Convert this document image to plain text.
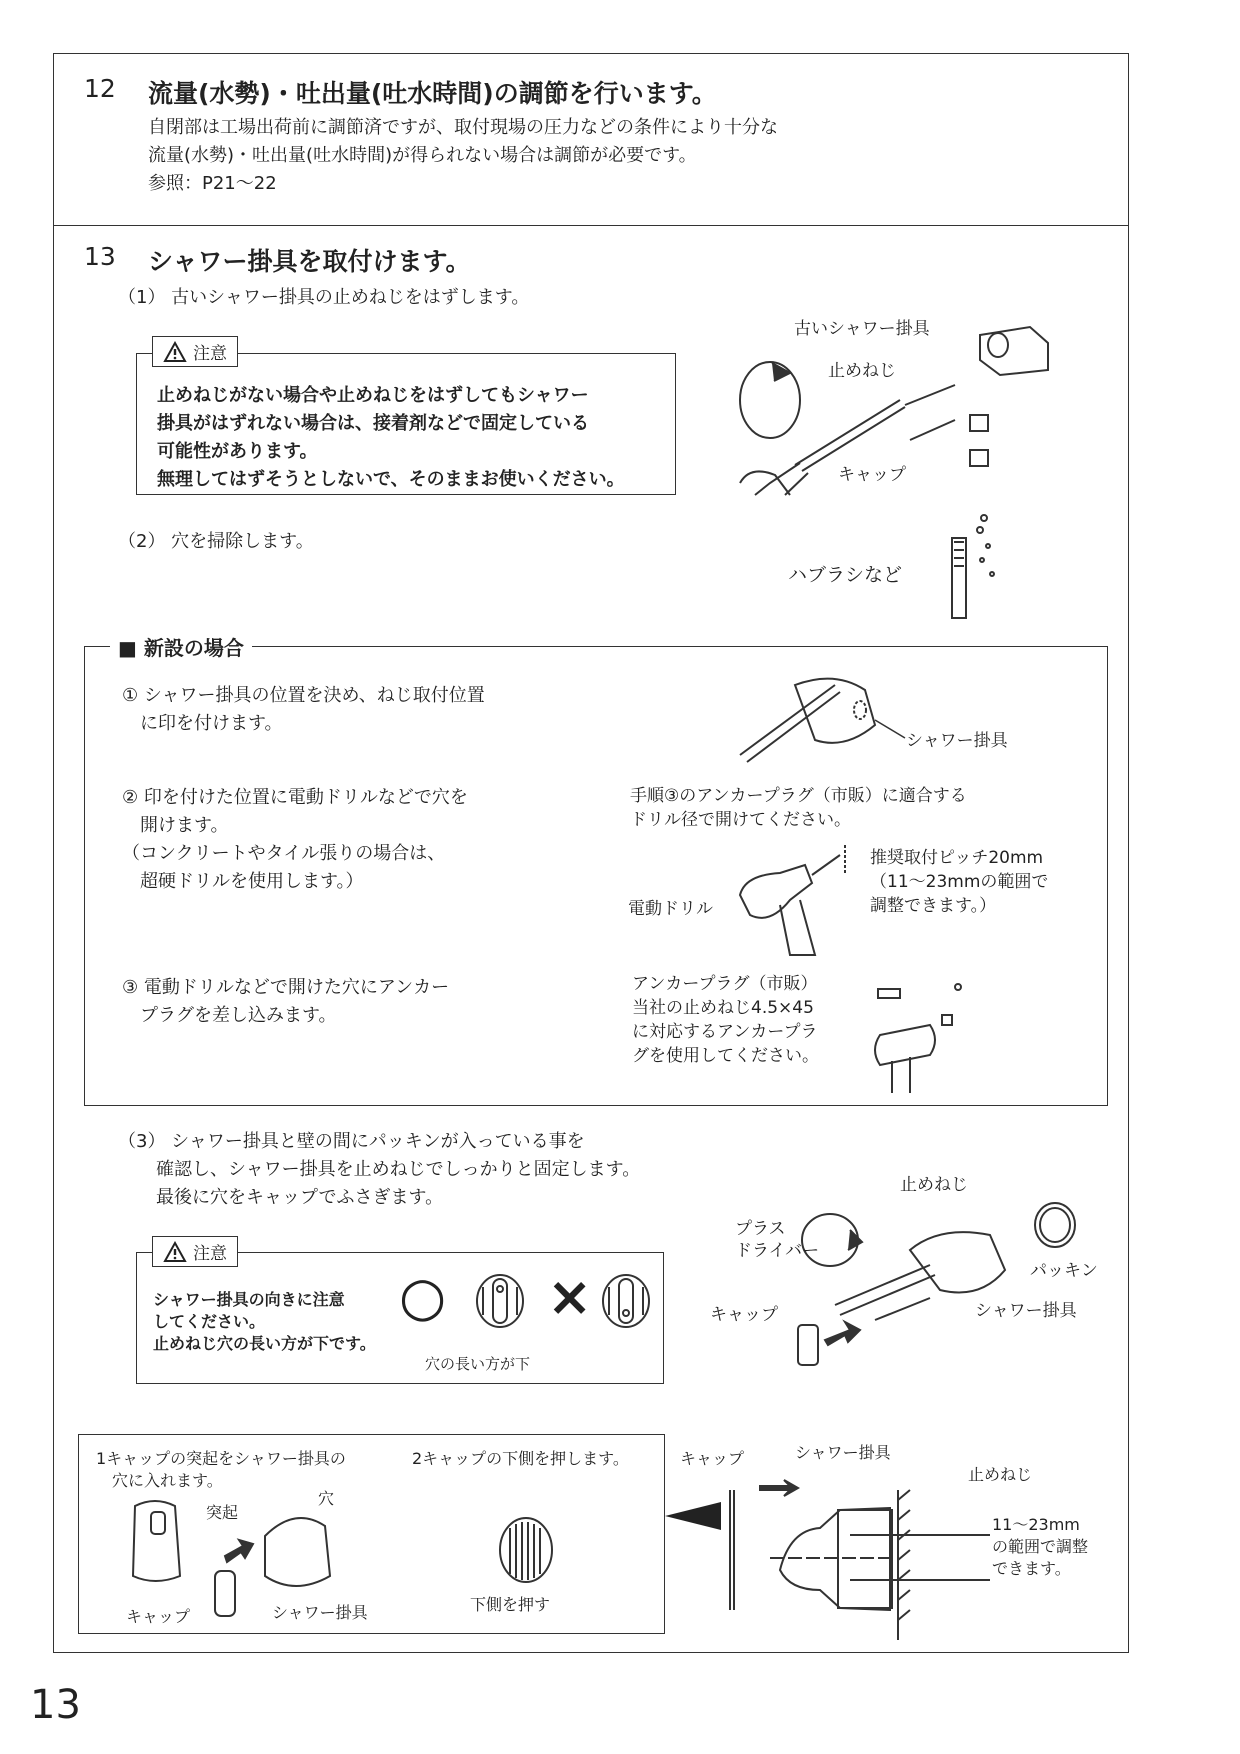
12 流量(水勢)・吐出量(吐水時間)の調節を行います。
自閉部は工場出荷前に調節済ですが、取付現場の圧力などの条件により十分な
流量(水勢)・吐出量(吐水時間)が得られない場合は調節が必要です。
参照：P21～22
13 シャワー掛具を取付けます。
（1） 古いシャワー掛具の止めねじをはずします。
止めねじがない場合や止めねじをはずしてもシャワー
掛具がはずれない場合は、接着剤などで固定している
可能性があります。
無理してはずそうとしないで、そのままお使いください。
注意
古いシャワー掛具
止めねじ
キャップ
（2） 穴を掃除します。
ハブラシなど
■ 新設の場合
① シャワー掛具の位置を決め、ねじ取付位置
　に印を付けます。
シャワー掛具
② 印を付けた位置に電動ドリルなどで穴を
　開けます。
（コンクリートやタイル張りの場合は、
　超硬ドリルを使用します。）
手順③のアンカープラグ（市販）に適合する
ドリル径で開けてください。
推奨取付ピッチ20mm
（11～23mmの範囲で
調整できます。）
電動ドリル
③ 電動ドリルなどで開けた穴にアンカー
　プラグを差し込みます。
アンカープラグ（市販）
当社の止めねじ4.5×45
に対応するアンカープラ
グを使用してください。
（3） シャワー掛具と壁の間にパッキンが入っている事を
確認し、シャワー掛具を止めねじでしっかりと固定します。
最後に穴をキャップでふさぎます。
シャワー掛具の向きに注意
してください。
止めねじ穴の長い方が下です。
○ ×
穴の長い方が下
注意
止めねじ
プラス
ドライバー
パッキン
キャップ	シャワー掛具
1キャップの突起をシャワー掛具の
　穴に入れます。
2キャップの下側を押します。
突起
穴
キャップ	シャワー掛具	下側を押す
キャップ	シャワー掛具
止めねじ
11～23mm
の範囲で調整
できます。
13
